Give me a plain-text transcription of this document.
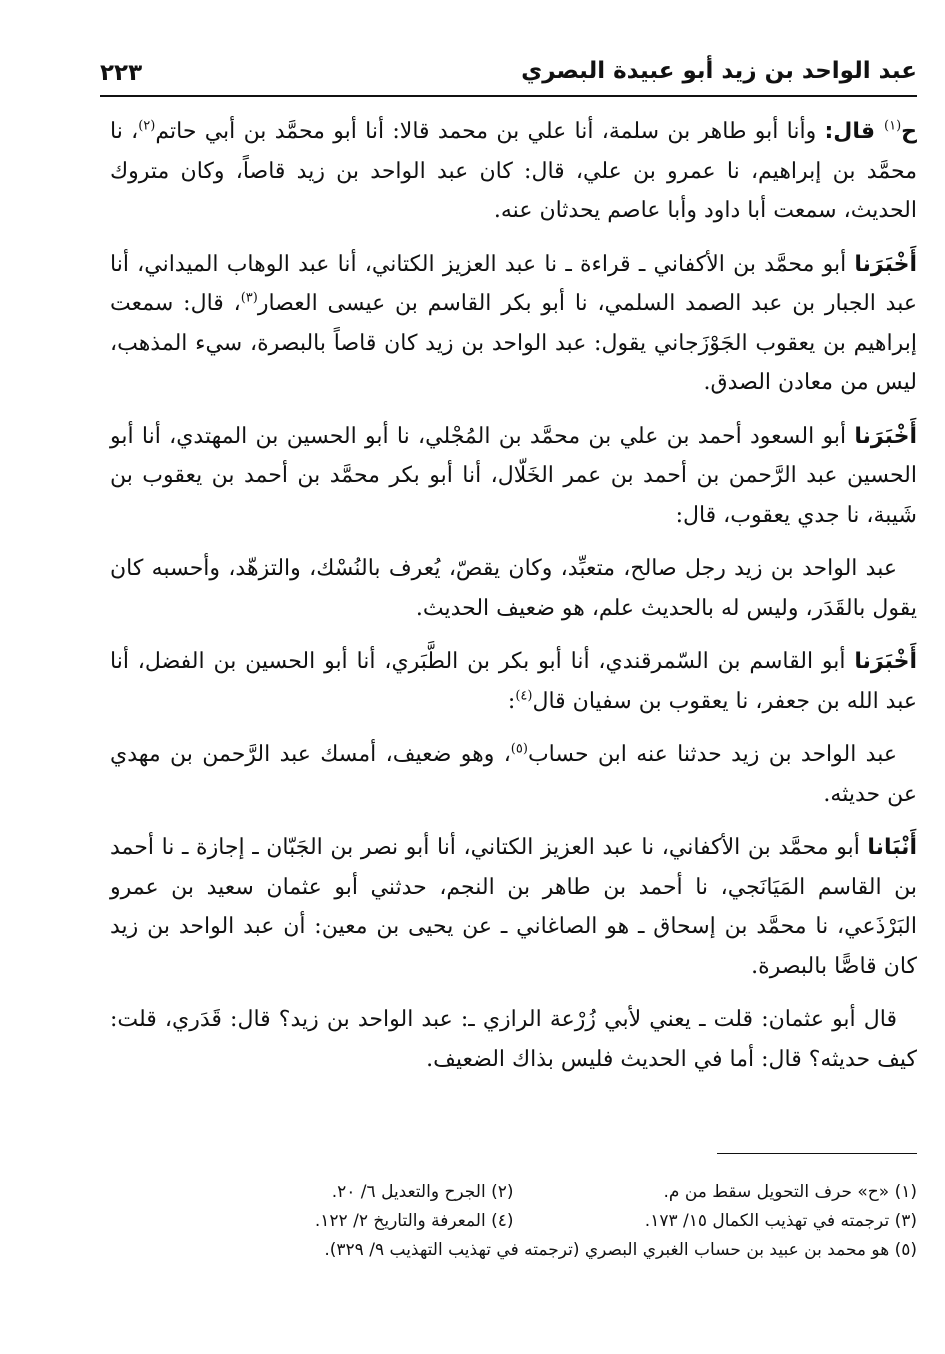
عبد الواحد بن زيد أبو عبيدة البصري
٢٢٣

ح$^{(١)}$ قال: وأنا أبو طاهر بن سلمة، أنا علي بن محمد قالا: أنا أبو محمَّد بن أبي حاتم$^{(٢)}$، نا محمَّد بن إبراهيم، نا عمرو بن علي، قال: كان عبد الواحد بن زيد قاصاً، وكان متروك الحديث، سمعت أبا داود وأبا عاصم يحدثان عنه.

أَخْبَرَنا أبو محمَّد بن الأكفاني ـ قراءة ـ نا عبد العزيز الكتاني، أنا عبد الوهاب الميداني، أنا عبد الجبار بن عبد الصمد السلمي، نا أبو بكر القاسم بن عيسى العصار$^{(٣)}$، قال: سمعت إبراهيم بن يعقوب الجَوْزَجاني يقول: عبد الواحد بن زيد كان قاصاً بالبصرة، سيء المذهب، ليس من معادن الصدق.

أَخْبَرَنا أبو السعود أحمد بن علي بن محمَّد بن المُجْلي، نا أبو الحسين بن المهتدي، أنا أبو الحسين عبد الرَّحمن بن أحمد بن عمر الخَلّال، أنا أبو بكر محمَّد بن أحمد بن يعقوب بن شَيبة، نا جدي يعقوب، قال:

عبد الواحد بن زيد رجل صالح، متعبِّد، وكان يقصّ، يُعرف بالنُسْك، والتزهّد، وأحسبه كان يقول بالقَدَر، وليس له بالحديث علم، هو ضعيف الحديث.

أَخْبَرَنا أبو القاسم بن السّمرقندي، أنا أبو بكر بن الطَّبَري، أنا أبو الحسين بن الفضل، أنا عبد الله بن جعفر، نا يعقوب بن سفيان قال$^{(٤)}$:

عبد الواحد بن زيد حدثنا عنه ابن حساب$^{(٥)}$، وهو ضعيف، أمسك عبد الرَّحمن بن مهدي عن حديثه.

أَنْبَانا أبو محمَّد بن الأكفاني، نا عبد العزيز الكتاني، أنا أبو نصر بن الجَبّان ـ إجازة ـ نا أحمد بن القاسم المَيَانَجي، نا أحمد بن طاهر بن النجم، حدثني أبو عثمان سعيد بن عمرو البَرْذَعي، نا محمَّد بن إسحاق ـ هو الصاغاني ـ عن يحيى بن معين: أن عبد الواحد بن زيد كان قاصًّا بالبصرة.

قال أبو عثمان: قلت ـ يعني لأبي زُرْعة الرازي ـ: عبد الواحد بن زيد؟ قال: قَدَري، قلت: كيف حديثه؟ قال: أما في الحديث فليس بذاك الضعيف.

(١) «ح» حرف التحويل سقط من م.
(٢) الجرح والتعديل ٦/ ٢٠.
(٣) ترجمته في تهذيب الكمال ١٥/ ١٧٣.
(٤) المعرفة والتاريخ ٢/ ١٢٢.
(٥) هو محمد بن عبيد بن حساب الغبري البصري (ترجمته في تهذيب التهذيب ٩/ ٣٢٩).
